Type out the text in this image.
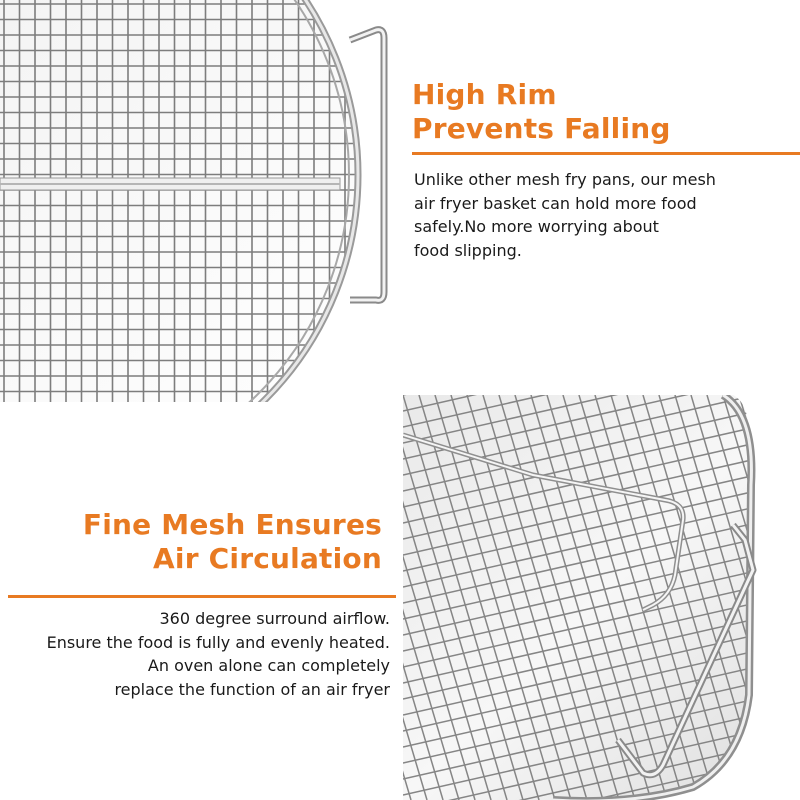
High Rim
Prevents Falling
Unlike other mesh fry pans, our mesh
air fryer basket can hold more food
safely.No more worrying about
food slipping.
Fine Mesh Ensures
Air Circulation
360 degree surround airflow.
Ensure the food is fully and evenly heated.
An oven alone can completely
replace the function of an air fryer
